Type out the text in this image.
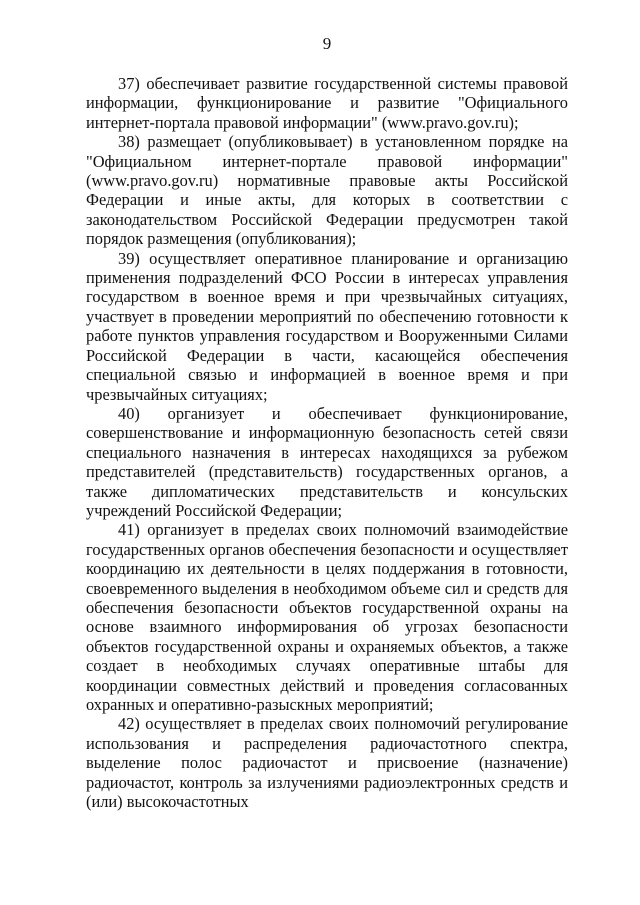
9

37) обеспечивает развитие государственной системы правовой информации, функционирование и развитие "Официального интернет-портала правовой информации" (www.pravo.gov.ru);

38) размещает (опубликовывает) в установленном порядке на "Официальном интернет-портале правовой информации" (www.pravo.gov.ru) нормативные правовые акты Российской Федерации и иные акты, для которых в соответствии с законодательством Российской Федерации предусмотрен такой порядок размещения (опубликования);

39) осуществляет оперативное планирование и организацию применения подразделений ФСО России в интересах управления государством в военное время и при чрезвычайных ситуациях, участвует в проведении мероприятий по обеспечению готовности к работе пунктов управления государством и Вооруженными Силами Российской Федерации в части, касающейся обеспечения специальной связью и информацией в военное время и при чрезвычайных ситуациях;

40) организует и обеспечивает функционирование, совершенствование и информационную безопасность сетей связи специального назначения в интересах находящихся за рубежом представителей (представительств) государственных органов, а также дипломатических представительств и консульских учреждений Российской Федерации;

41) организует в пределах своих полномочий взаимодействие государственных органов обеспечения безопасности и осуществляет координацию их деятельности в целях поддержания в готовности, своевременного выделения в необходимом объеме сил и средств для обеспечения безопасности объектов государственной охраны на основе взаимного информирования об угрозах безопасности объектов государственной охраны и охраняемых объектов, а также создает в необходимых случаях оперативные штабы для координации совместных действий и проведения согласованных охранных и оперативно-разыскных мероприятий;

42) осуществляет в пределах своих полномочий регулирование использования и распределения радиочастотного спектра, выделение полос радиочастот и присвоение (назначение) радиочастот, контроль за излучениями радиоэлектронных средств и (или) высокочастотных
